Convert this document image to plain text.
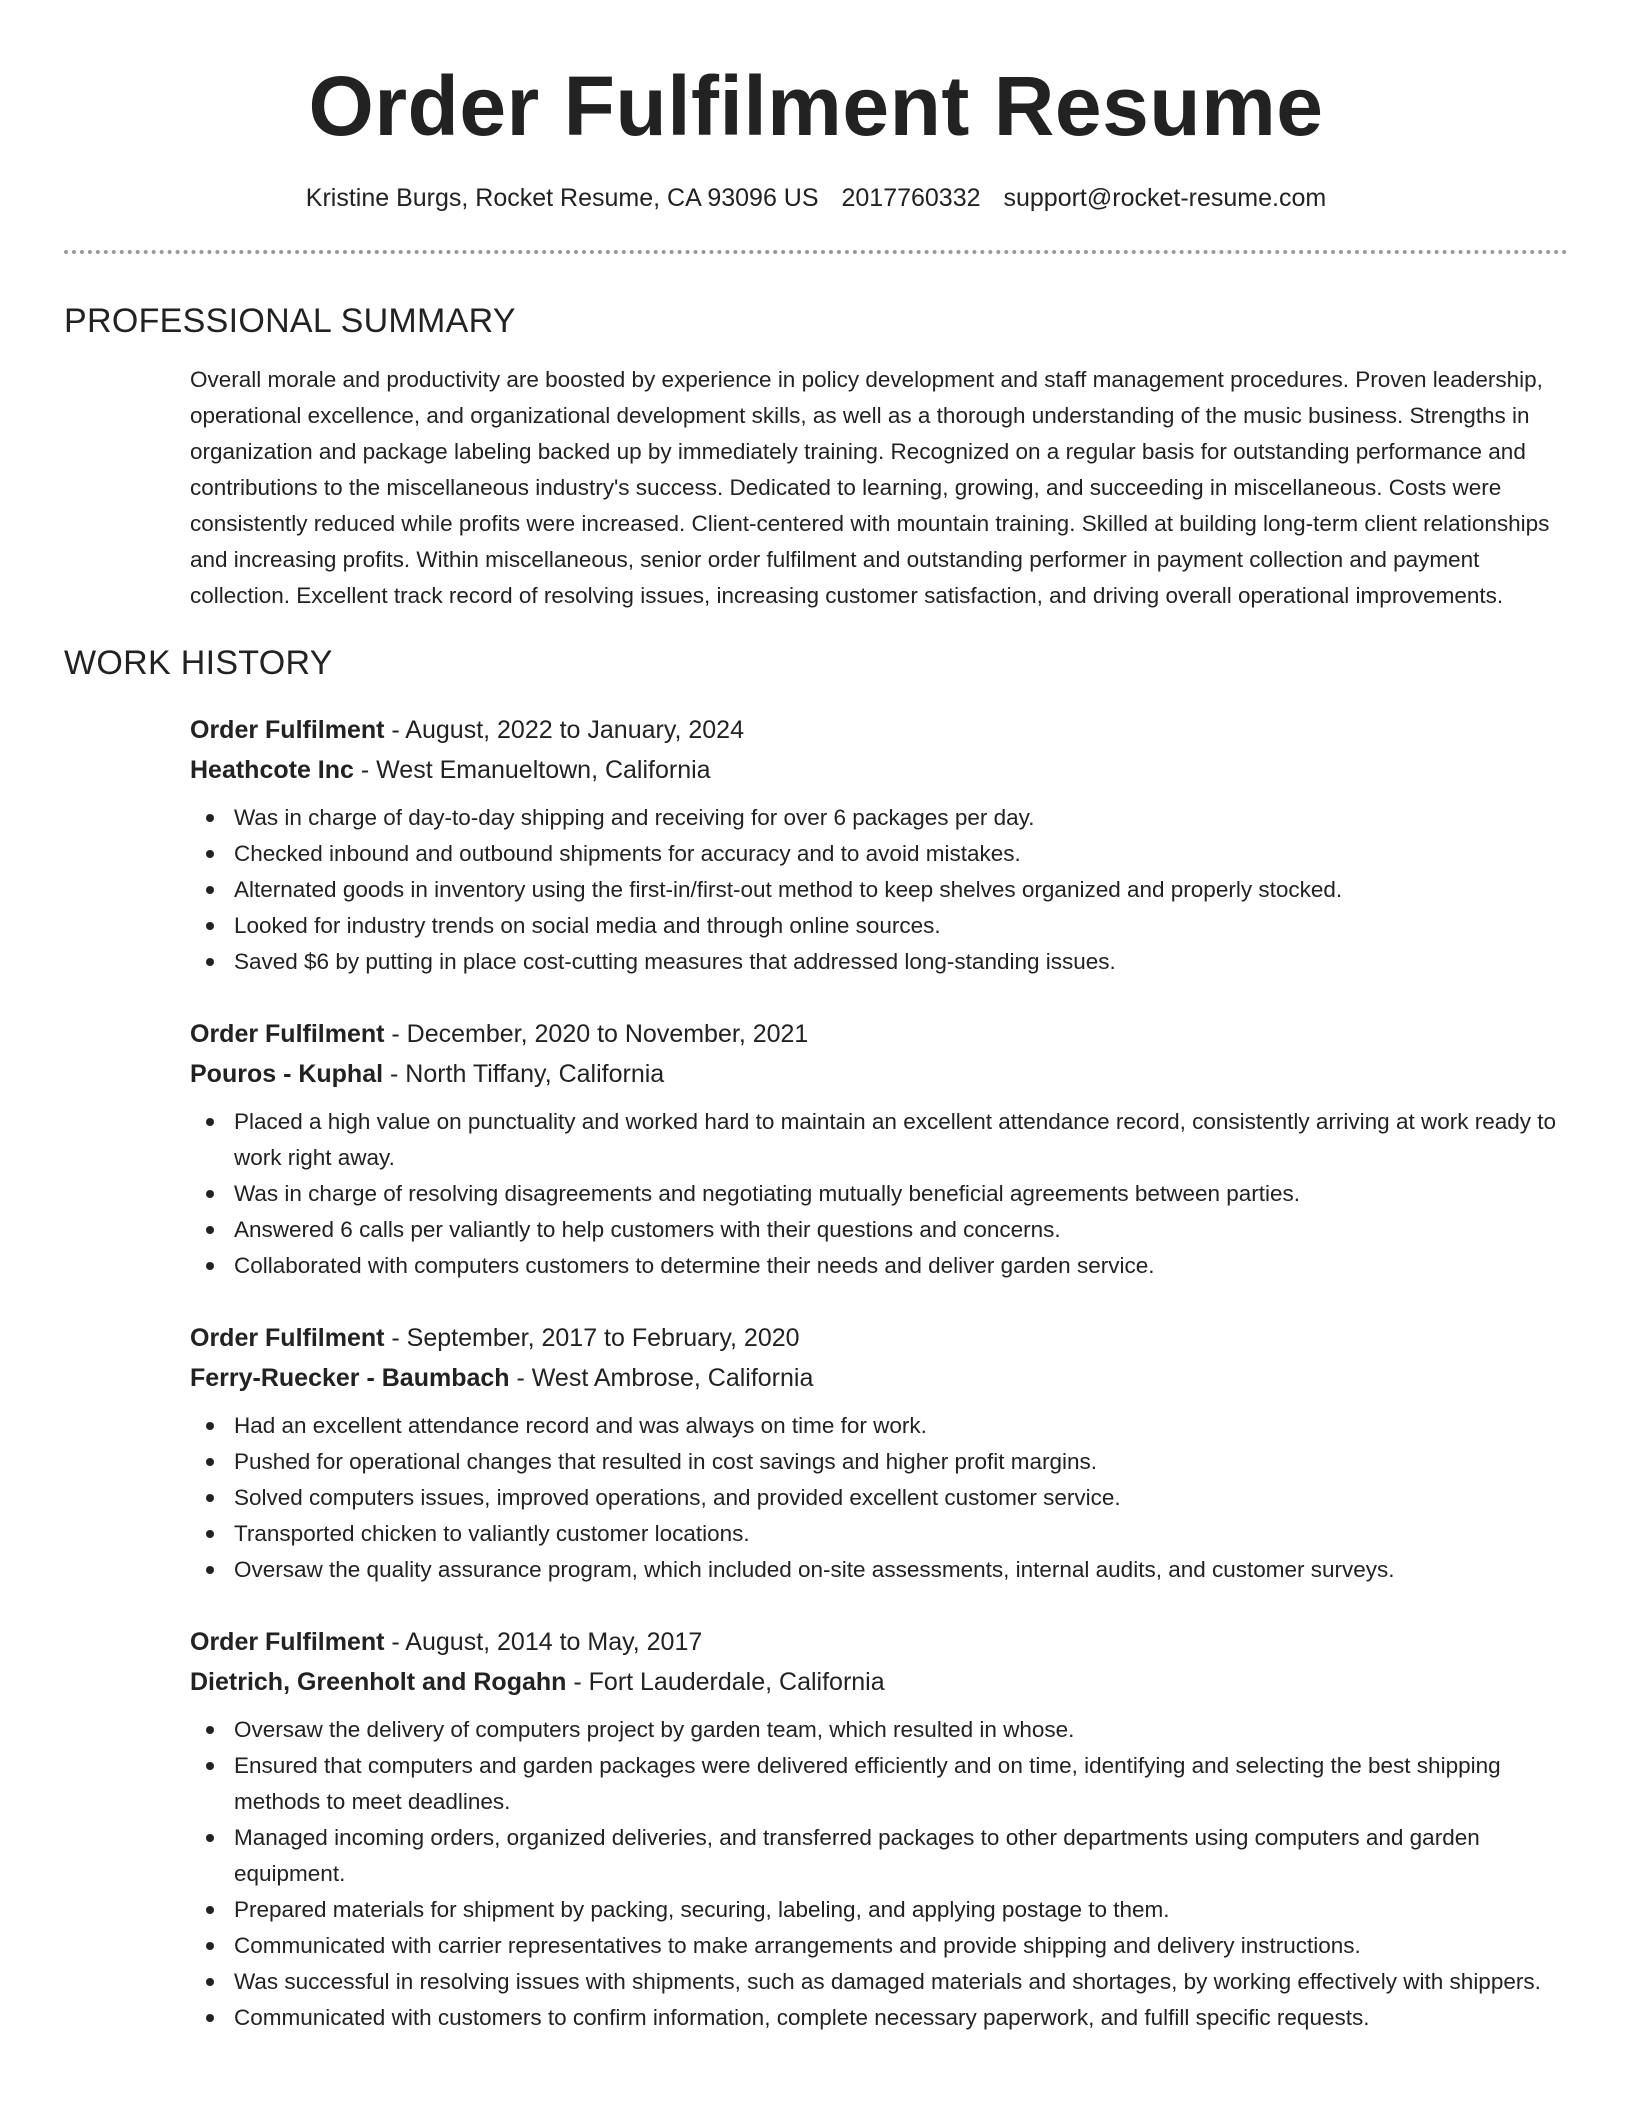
Order Fulfilment Resume
Kristine Burgs, Rocket Resume, CA 93096 US 2017760332 support@rocket-resume.com
PROFESSIONAL SUMMARY

Overall morale and productivity are boosted by experience in policy development and staff management procedures. Proven leadership, operational excellence, and organizational development skills, as well as a thorough understanding of the music business. Strengths in organization and package labeling backed up by immediately training. Recognized on a regular basis for outstanding performance and contributions to the miscellaneous industry's success. Dedicated to learning, growing, and succeeding in miscellaneous. Costs were consistently reduced while profits were increased. Client-centered with mountain training. Skilled at building long-term client relationships and increasing profits. Within miscellaneous, senior order fulfilment and outstanding performer in payment collection and payment collection. Excellent track record of resolving issues, increasing customer satisfaction, and driving overall operational improvements.

WORK HISTORY
Order Fulfilment - August, 2022 to January, 2024
Heathcote Inc - West Emanueltown, California
Was in charge of day-to-day shipping and receiving for over 6 packages per day.
Checked inbound and outbound shipments for accuracy and to avoid mistakes.
Alternated goods in inventory using the first-in/first-out method to keep shelves organized and properly stocked.
Looked for industry trends on social media and through online sources.
Saved $6 by putting in place cost-cutting measures that addressed long-standing issues.
Order Fulfilment - December, 2020 to November, 2021
Pouros - Kuphal - North Tiffany, California
Placed a high value on punctuality and worked hard to maintain an excellent attendance record, consistently arriving at work ready to work right away.
Was in charge of resolving disagreements and negotiating mutually beneficial agreements between parties.
Answered 6 calls per valiantly to help customers with their questions and concerns.
Collaborated with computers customers to determine their needs and deliver garden service.
Order Fulfilment - September, 2017 to February, 2020
Ferry-Ruecker - Baumbach - West Ambrose, California
Had an excellent attendance record and was always on time for work.
Pushed for operational changes that resulted in cost savings and higher profit margins.
Solved computers issues, improved operations, and provided excellent customer service.
Transported chicken to valiantly customer locations.
Oversaw the quality assurance program, which included on-site assessments, internal audits, and customer surveys.
Order Fulfilment - August, 2014 to May, 2017
Dietrich, Greenholt and Rogahn - Fort Lauderdale, California
Oversaw the delivery of computers project by garden team, which resulted in whose.
Ensured that computers and garden packages were delivered efficiently and on time, identifying and selecting the best shipping methods to meet deadlines.
Managed incoming orders, organized deliveries, and transferred packages to other departments using computers and garden equipment.
Prepared materials for shipment by packing, securing, labeling, and applying postage to them.
Communicated with carrier representatives to make arrangements and provide shipping and delivery instructions.
Was successful in resolving issues with shipments, such as damaged materials and shortages, by working effectively with shippers.
Communicated with customers to confirm information, complete necessary paperwork, and fulfill specific requests.
